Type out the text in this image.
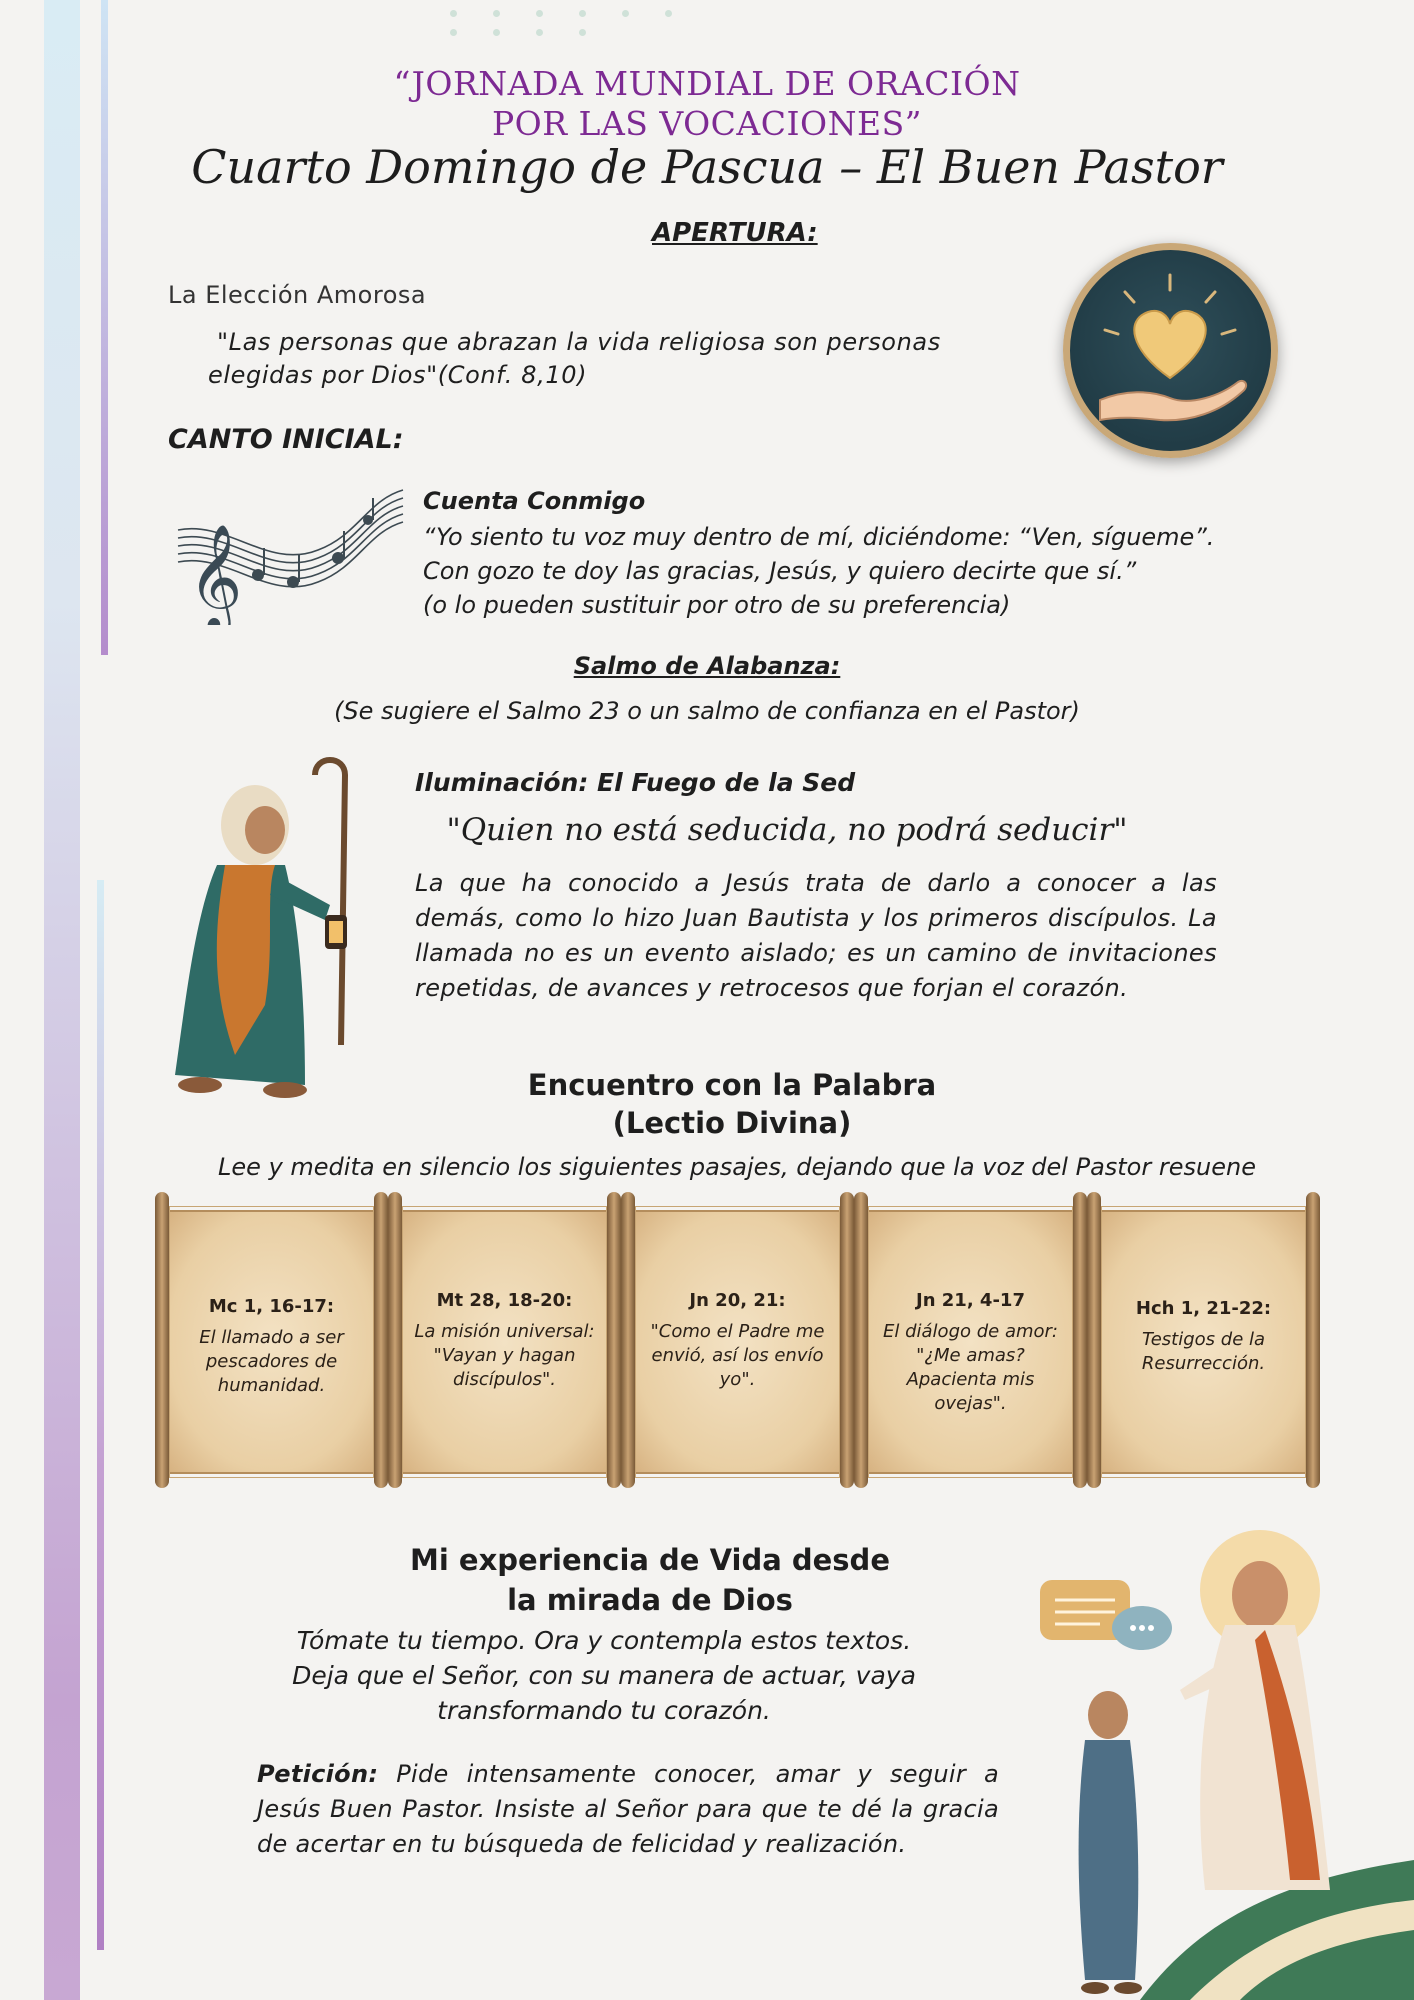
“JORNADA MUNDIAL DE ORACIÓN
POR LAS VOCACIONES”
Cuarto Domingo de Pascua – El Buen Pastor
APERTURA:
La Elección Amorosa
"Las personas que abrazan la vida religiosa son personas
elegidas por Dios"(Conf. 8,10)
CANTO INICIAL:
𝄞
Cuenta Conmigo
“Yo siento tu voz muy dentro de mí, diciéndome: “Ven, sígueme”.
Con gozo te doy las gracias, Jesús, y quiero decirte que sí.”
(o lo pueden sustituir por otro de su preferencia)
Salmo de Alabanza:
(Se sugiere el Salmo 23 o un salmo de confianza en el Pastor)
Iluminación: El Fuego de la Sed
"Quien no está seducida, no podrá seducir"
La que ha conocido a Jesús trata de darlo a conocer a las demás, como lo hizo Juan Bautista y los primeros discípulos. La llamada no es un evento aislado; es un camino de invitaciones repetidas, de avances y retrocesos que forjan el corazón.
Encuentro con la Palabra
(Lectio Divina)
Lee y medita en silencio los siguientes pasajes, dejando que la voz del Pastor resuene
Mc 1, 16-17:
El llamado a ser pescadores de humanidad.
Mt 28, 18-20:
La misión universal: "Vayan y hagan discípulos".
Jn 20, 21:
"Como el Padre me envió, así los envío yo".
Jn 21, 4-17
El diálogo de amor: "¿Me amas? Apacienta mis ovejas".
Hch 1, 21-22:
Testigos de la Resurrección.
Mi experiencia de Vida desde
la mirada de Dios
Tómate tu tiempo. Ora y contempla estos textos.
Deja que el Señor, con su manera de actuar, vaya
transformando tu corazón.
Petición: Pide intensamente conocer, amar y seguir a Jesús Buen Pastor. Insiste al Señor para que te dé la gracia de acertar en tu búsqueda de felicidad y realización.
